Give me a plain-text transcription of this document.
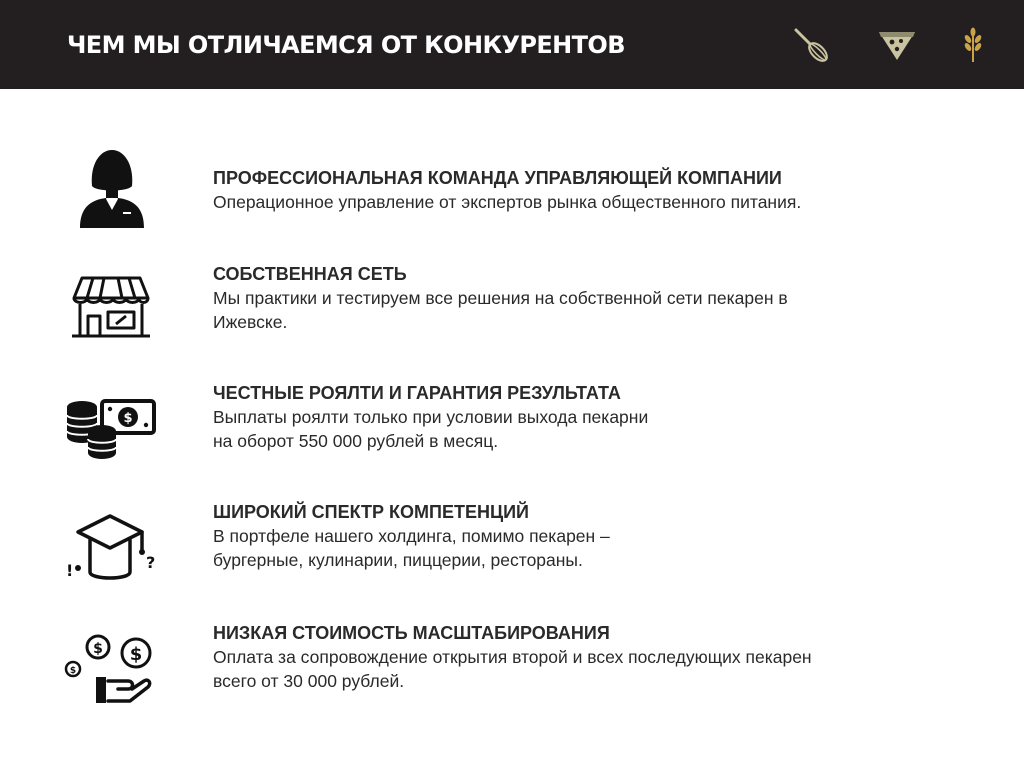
ЧЕМ МЫ ОТЛИЧАЕМСЯ ОТ КОНКУРЕНТОВ
ПРОФЕССИОНАЛЬНАЯ КОМАНДА УПРАВЛЯЮЩЕЙ КОМПАНИИ
Операционное управление от экспертов рынка общественного питания.
СОБСТВЕННАЯ СЕТЬ
Мы практики и тестируем все решения на собственной сети пекарен в
Ижевске.
$
ЧЕСТНЫЕ РОЯЛТИ И ГАРАНТИЯ РЕЗУЛЬТАТА
Выплаты роялти только при условии выхода пекарни
на оборот 550 000 рублей в месяц.
!	?
ШИРОКИЙ СПЕКТР КОМПЕТЕНЦИЙ
В портфеле нашего холдинга, помимо пекарен –
бургерные, кулинарии, пиццерии, рестораны.
$ $
$
НИЗКАЯ СТОИМОСТЬ МАСШТАБИРОВАНИЯ
Оплата за сопровождение открытия второй и всех последующих пекарен
всего от 30 000 рублей.
